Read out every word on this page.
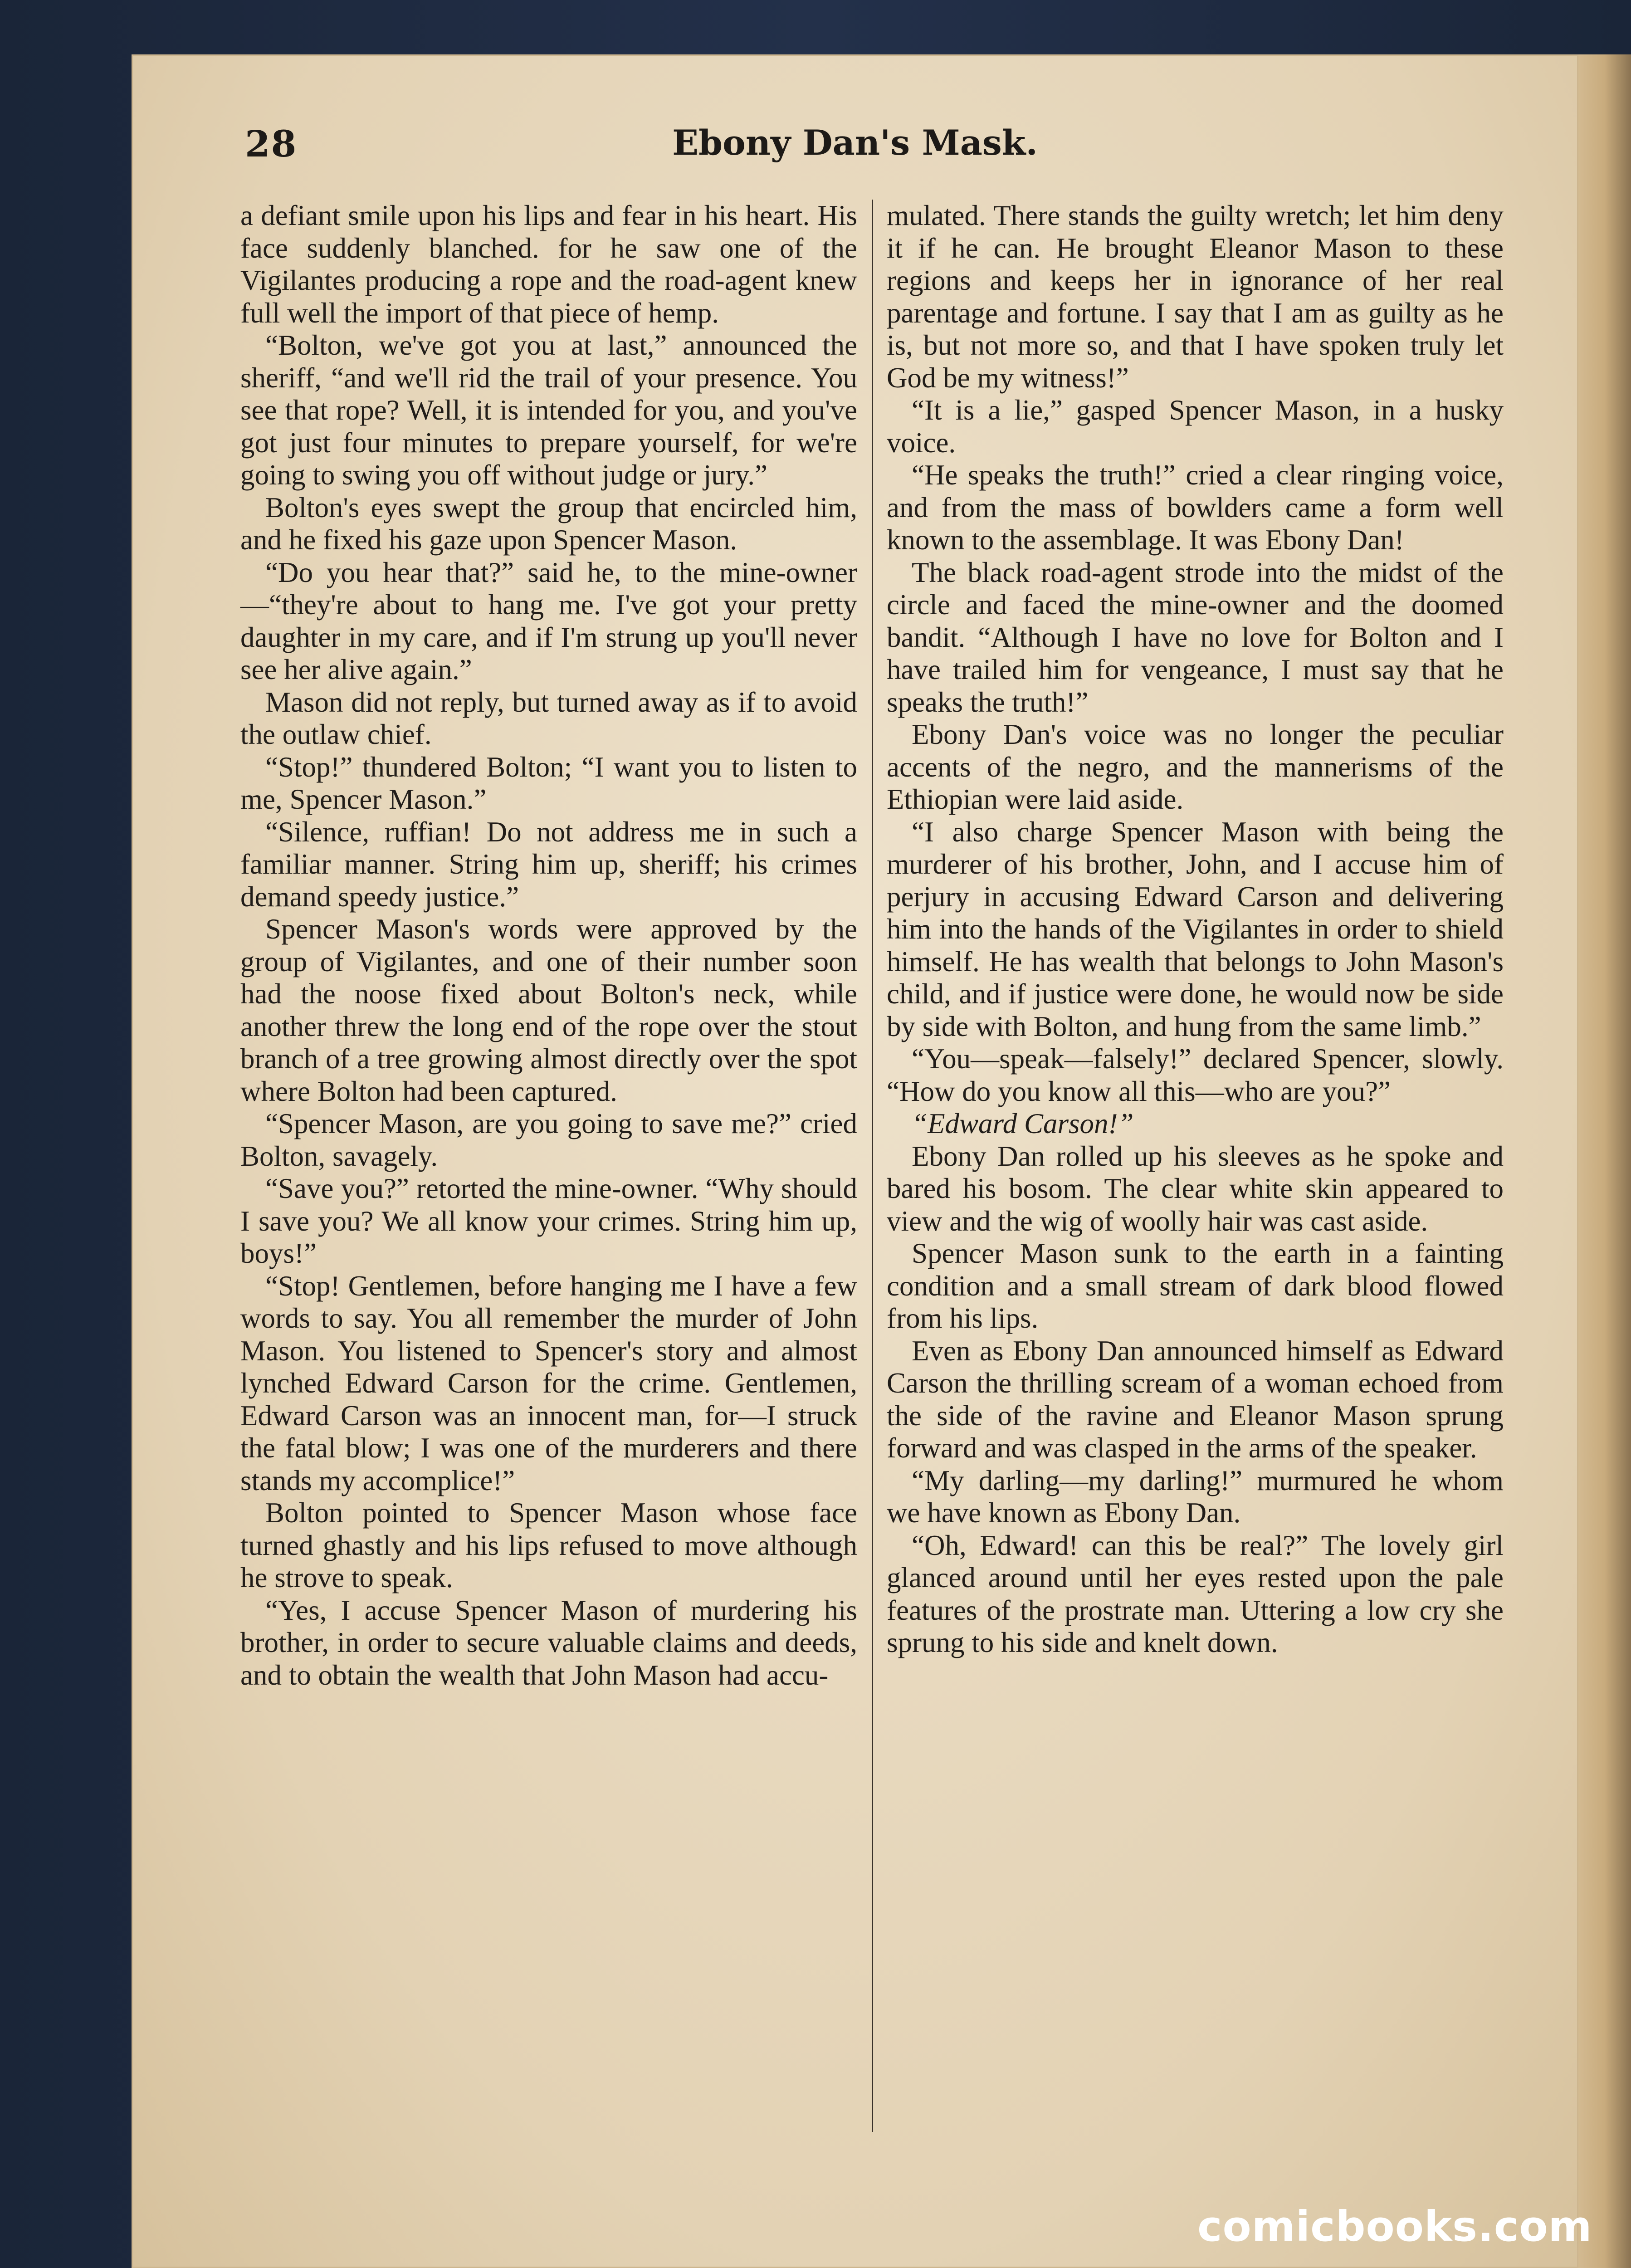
28	Ebony Dan's Mask.

a defiant smile upon his lips and fear in his heart. His face suddenly blanched. for he saw one of the Vigilantes producing a rope and the road-agent knew full well the import of that piece of hemp.

“Bolton, we've got you at last,” announced the sheriff, “and we'll rid the trail of your presence. You see that rope? Well, it is intended for you, and you've got just four minutes to prepare yourself, for we're going to swing you off without judge or jury.”

Bolton's eyes swept the group that encircled him, and he fixed his gaze upon Spencer Mason.

“Do you hear that?” said he, to the mine-owner—“they're about to hang me. I've got your pretty daughter in my care, and if I'm strung up you'll never see her alive again.”

Mason did not reply, but turned away as if to avoid the outlaw chief.

“Stop!” thundered Bolton; “I want you to listen to me, Spencer Mason.”

“Silence, ruffian! Do not address me in such a familiar manner. String him up, sheriff; his crimes demand speedy justice.”

Spencer Mason's words were approved by the group of Vigilantes, and one of their number soon had the noose fixed about Bolton's neck, while another threw the long end of the rope over the stout branch of a tree growing almost directly over the spot where Bolton had been captured.

“Spencer Mason, are you going to save me?” cried Bolton, savagely.

“Save you?” retorted the mine-owner. “Why should I save you? We all know your crimes. String him up, boys!”

“Stop! Gentlemen, before hanging me I have a few words to say. You all remember the murder of John Mason. You listened to Spencer's story and almost lynched Edward Carson for the crime. Gentlemen, Edward Carson was an innocent man, for—I struck the fatal blow; I was one of the murderers and there stands my accomplice!”

Bolton pointed to Spencer Mason whose face turned ghastly and his lips refused to move although he strove to speak.

“Yes, I accuse Spencer Mason of murdering his brother, in order to secure valuable claims and deeds, and to obtain the wealth that John Mason had accu-

mulated. There stands the guilty wretch; let him deny it if he can. He brought Eleanor Mason to these regions and keeps her in ignorance of her real parentage and fortune. I say that I am as guilty as he is, but not more so, and that I have spoken truly let God be my witness!”

“It is a lie,” gasped Spencer Mason, in a husky voice.

“He speaks the truth!” cried a clear ringing voice, and from the mass of bowlders came a form well known to the assemblage. It was Ebony Dan!

The black road-agent strode into the midst of the circle and faced the mine-owner and the doomed bandit. “Although I have no love for Bolton and I have trailed him for vengeance, I must say that he speaks the truth!”

Ebony Dan's voice was no longer the peculiar accents of the negro, and the mannerisms of the Ethiopian were laid aside.

“I also charge Spencer Mason with being the murderer of his brother, John, and I accuse him of perjury in accusing Edward Carson and delivering him into the hands of the Vigilantes in order to shield himself. He has wealth that belongs to John Mason's child, and if justice were done, he would now be side by side with Bolton, and hung from the same limb.”

“You—speak—falsely!” declared Spencer, slowly. “How do you know all this—who are you?”

“Edward Carson!”

Ebony Dan rolled up his sleeves as he spoke and bared his bosom. The clear white skin appeared to view and the wig of woolly hair was cast aside.

Spencer Mason sunk to the earth in a fainting condition and a small stream of dark blood flowed from his lips.

Even as Ebony Dan announced himself as Edward Carson the thrilling scream of a woman echoed from the side of the ravine and Eleanor Mason sprung forward and was clasped in the arms of the speaker.

“My darling—my darling!” murmured he whom we have known as Ebony Dan.

“Oh, Edward! can this be real?” The lovely girl glanced around until her eyes rested upon the pale features of the prostrate man. Uttering a low cry she sprung to his side and knelt down.

comicbooks.com
